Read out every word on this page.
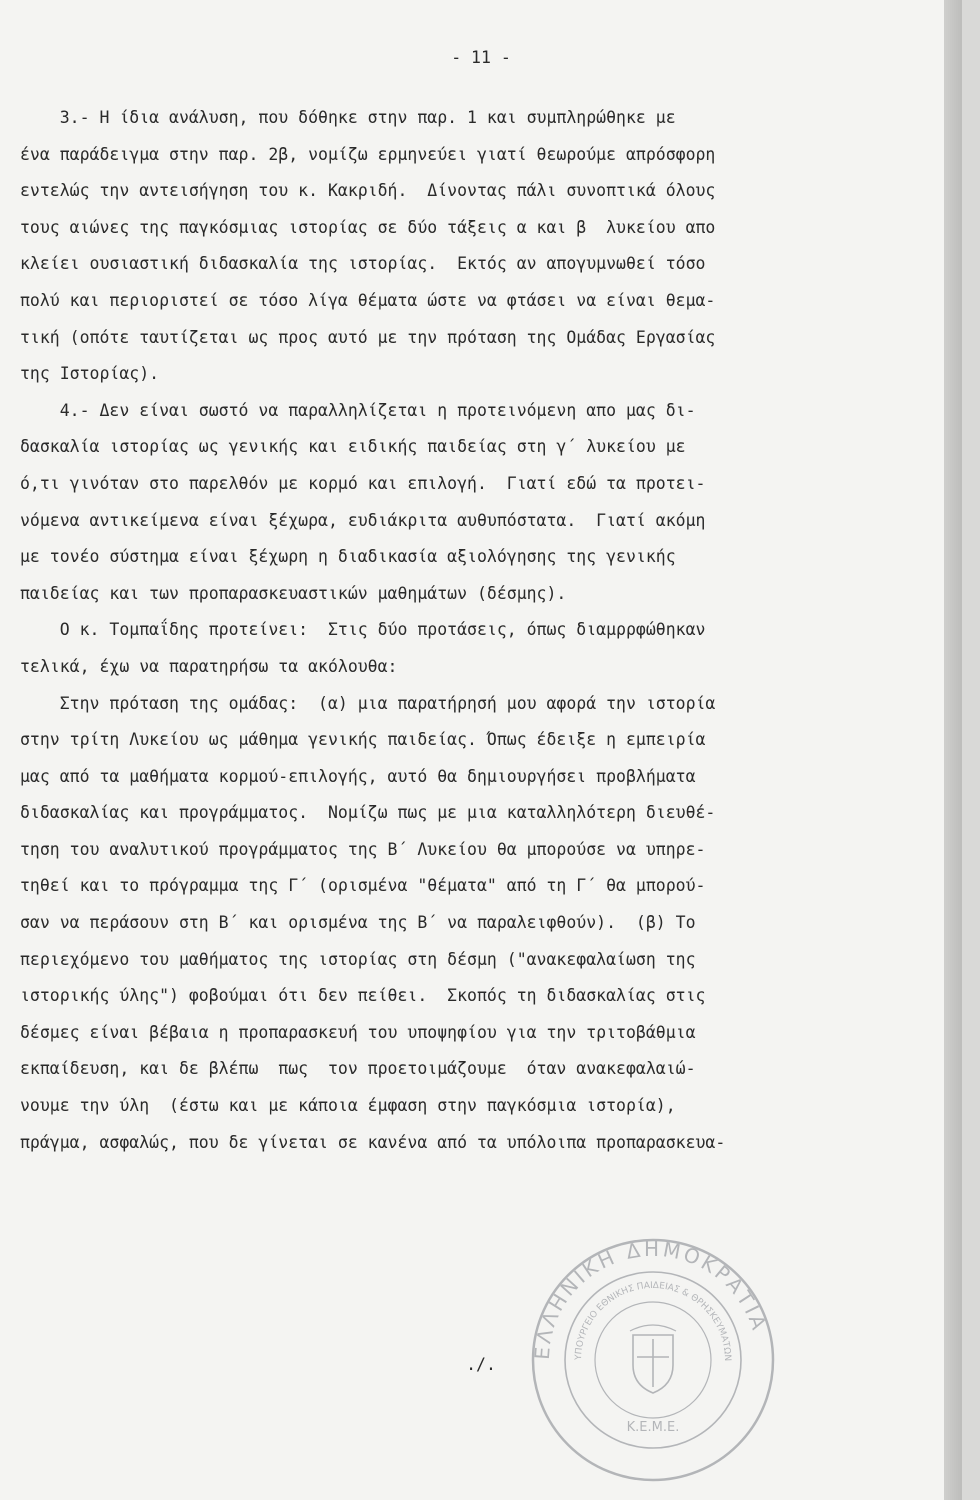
- 11 -
3.- Η ίδια ανάλυση, που δόθηκε στην παρ. 1 και συμπληρώθηκε με
ένα παράδειγμα στην παρ. 2β, νομίζω ερμηνεύει γιατί θεωρούμε απρόσφορη
εντελώς την αντεισήγηση του κ. Κακριδή.  Δίνοντας πάλι συνοπτικά όλους
τους αιώνες της παγκόσμιας ιστορίας σε δύο τάξεις α και β  λυκείου απο
κλείει ουσιαστική διδασκαλία της ιστορίας.  Εκτός αν απογυμνωθεί τόσο
πολύ και περιοριστεί σε τόσο λίγα θέματα ώστε να φτάσει να είναι θεμα-
τική (οπότε ταυτίζεται ως προς αυτό με την πρόταση της Ομάδας Εργασίας
της Ιστορίας).
4.- Δεν είναι σωστό να παραλληλίζεται η προτεινόμενη απο μας δι-
δασκαλία ιστορίας ως γενικής και ειδικής παιδείας στη γ΄ λυκείου με
ό,τι γινόταν στο παρελθόν με κορμό και επιλογή.  Γιατί εδώ τα προτει-
νόμενα αντικείμενα είναι ξέχωρα, ευδιάκριτα αυθυπόστατα.  Γιατί ακόμη
με τονέο σύστημα είναι ξέχωρη η διαδικασία αξιολόγησης της γενικής
παιδείας και των προπαρασκευαστικών μαθημάτων (δέσμης).
Ο κ. Τομπαΐδης προτείνει:  Στις δύο προτάσεις, όπως διαμρρφώθηκαν
τελικά, έχω να παρατηρήσω τα ακόλουθα:
Στην πρόταση της ομάδας:  (α) μια παρατήρησή μου αφορά την ιστορία
στην τρίτη Λυκείου ως μάθημα γενικής παιδείας. Όπως έδειξε η εμπειρία
μας από τα μαθήματα κορμού-επιλογής, αυτό θα δημιουργήσει προβλήματα
διδασκαλίας και προγράμματος.  Νομίζω πως με μια καταλληλότερη διευθέ-
τηση του αναλυτικού προγράμματος της Β΄ Λυκείου θα μπορούσε να υπηρε-
τηθεί και το πρόγραμμα της Γ΄ (ορισμένα "θέματα" από τη Γ΄ θα μπορού-
σαν να περάσουν στη Β΄ και ορισμένα της Β΄ να παραλειφθούν).  (β) Το
περιεχόμενο του μαθήματος της ιστορίας στη δέσμη ("ανακεφαλαίωση της
ιστορικής ύλης") φοβούμαι ότι δεν πείθει.  Σκοπός τη διδασκαλίας στις
δέσμες είναι βέβαια η προπαρασκευή του υποψηφίου για την τριτοβάθμια
εκπαίδευση, και δε βλέπω  πως  τον προετοιμάζουμε  όταν ανακεφαλαιώ-
νουμε την ύλη  (έστω και με κάποια έμφαση στην παγκόσμια ιστορία),
πράγμα, ασφαλώς, που δε γίνεται σε κανένα από τα υπόλοιπα προπαρασκευα-
./.
ΕΛΛΗΝΙΚΗ ΔΗΜΟΚΡΑΤΙΑ
ΥΠΟΥΡΓΕΙΟ ΕΘΝΙΚΗΣ ΠΑΙΔΕΙΑΣ & ΘΡΗΣΚΕΥΜΑΤΩΝ
Κ.Ε.Μ.Ε.
